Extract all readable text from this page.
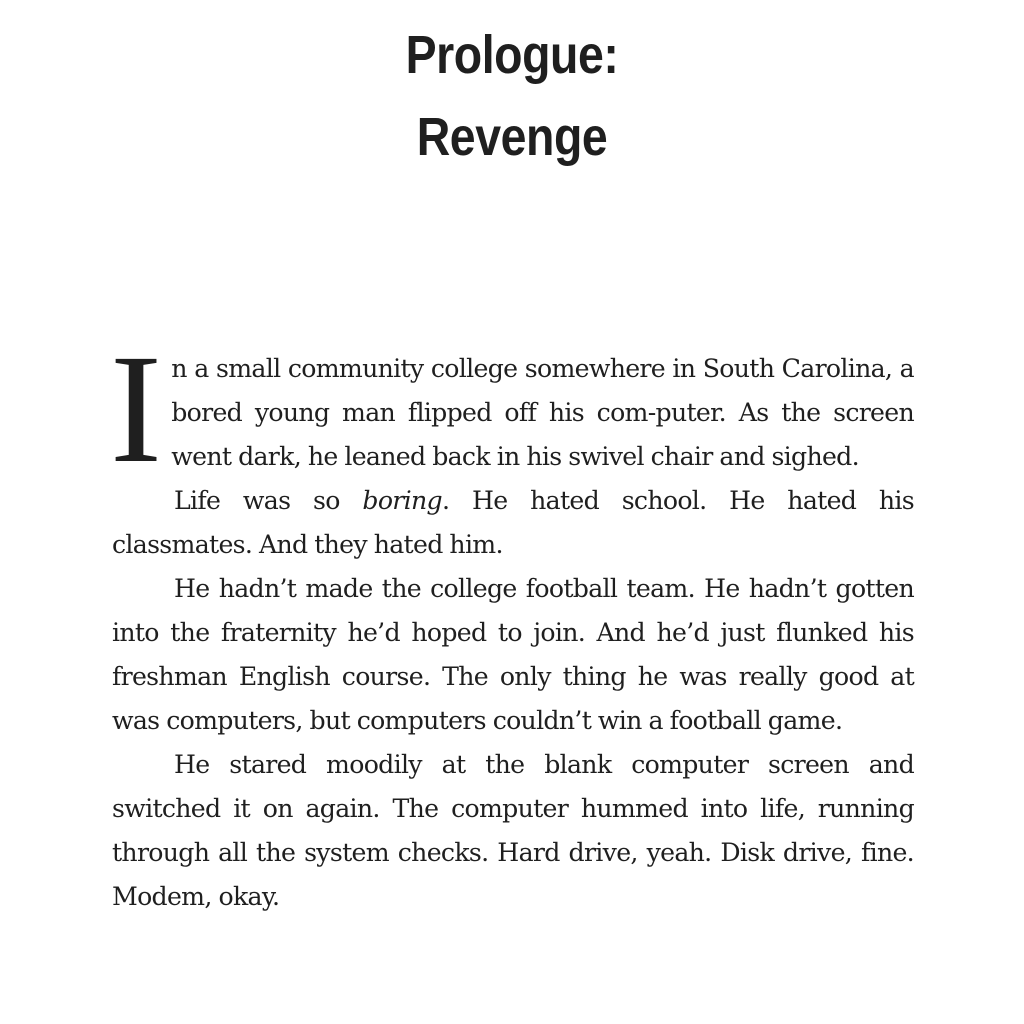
Prologue:
Revenge

In a small community college somewhere in South Carolina, a bored young man flipped off his com-puter. As the screen went dark, he leaned back in his swivel chair and sighed.

Life was so boring. He hated school. He hated his classmates. And they hated him.

He hadn’t made the college football team. He hadn’t gotten into the fraternity he’d hoped to join. And he’d just flunked his freshman English course. The only thing he was really good at was computers, but computers couldn’t win a football game.

He stared moodily at the blank computer screen and switched it on again. The computer hummed into life, running through all the system checks. Hard drive, yeah. Disk drive, fine. Modem, okay.
